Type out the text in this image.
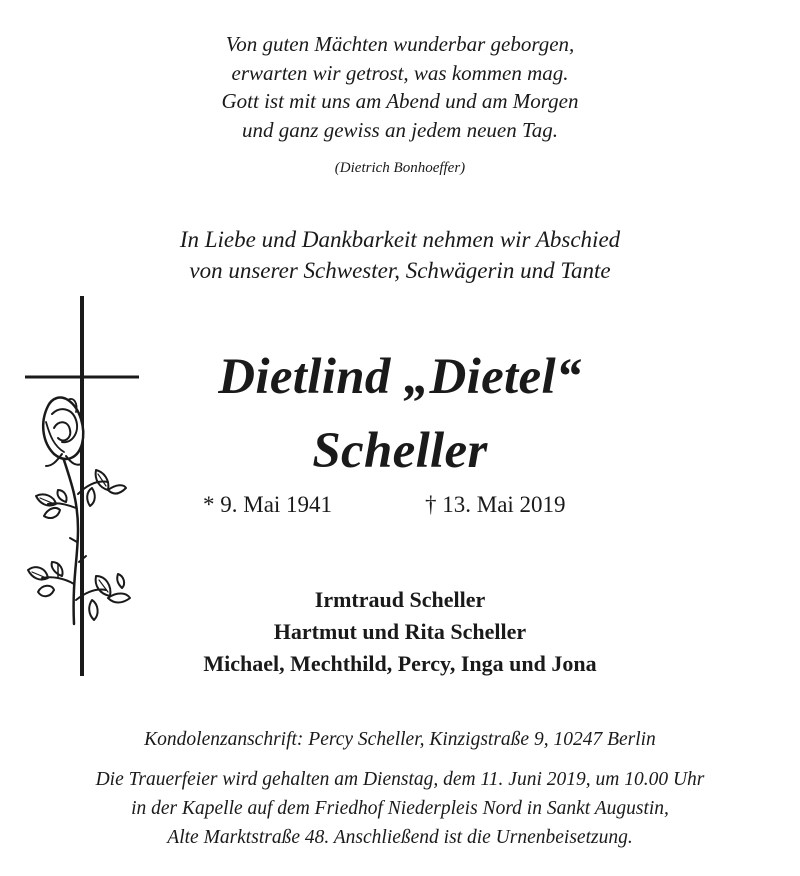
Von guten Mächten wunderbar geborgen,
erwarten wir getrost, was kommen mag.
Gott ist mit uns am Abend und am Morgen
und ganz gewiss an jedem neuen Tag.
(Dietrich Bonhoeffer)
In Liebe und Dankbarkeit nehmen wir Abschied
von unserer Schwester, Schwägerin und Tante
Dietlind „Dietel“
Scheller
* 9. Mai 1941	† 13. Mai 2019
Irmtraud Scheller
Hartmut und Rita Scheller
Michael, Mechthild, Percy, Inga und Jona
Kondolenzanschrift: Percy Scheller, Kinzigstraße 9, 10247 Berlin
Die Trauerfeier wird gehalten am Dienstag, dem 11. Juni 2019, um 10.00 Uhr
in der Kapelle auf dem Friedhof Niederpleis Nord in Sankt Augustin,
Alte Marktstraße 48. Anschließend ist die Urnenbeisetzung.
